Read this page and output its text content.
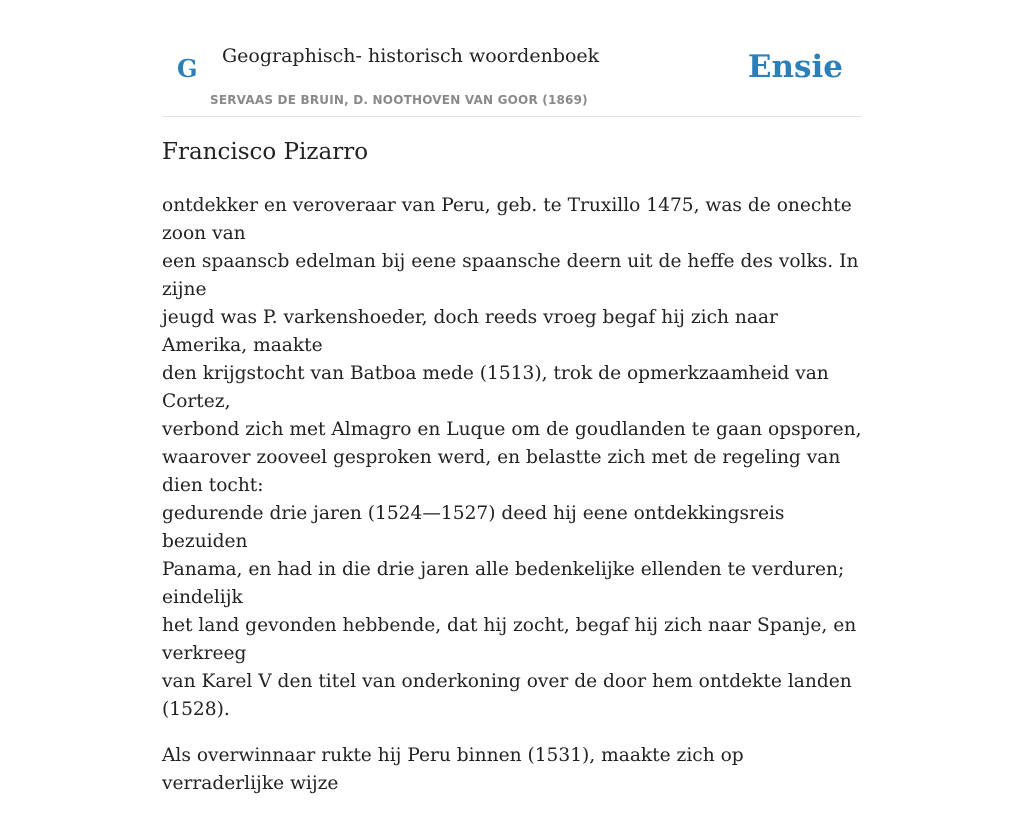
G Geographisch- historisch woordenboek
SERVAAS DE BRUIN, D. NOOTHOVEN VAN GOOR (1869)
Ensie
Francisco Pizarro

ontdekker en veroveraar van Peru, geb. te Truxillo 1475, was de onechte zoon van
een spaanscb edelman bij eene spaansche deern uit de heffe des volks. In zijne
jeugd was P. varkenshoeder, doch reeds vroeg begaf hij zich naar Amerika, maakte
den krijgstocht van Batboa mede (1513), trok de opmerkzaamheid van Cortez,
verbond zich met Almagro en Luque om de goudlanden te gaan opsporen,
waarover zooveel gesproken werd, en belastte zich met de regeling van dien tocht:
gedurende drie jaren (1524—1527) deed hij eene ontdekkingsreis bezuiden
Panama, en had in die drie jaren alle bedenkelijke ellenden te verduren; eindelijk
het land gevonden hebbende, dat hij zocht, begaf hij zich naar Spanje, en verkreeg
van Karel V den titel van onderkoning over de door hem ontdekte landen (1528).

Als overwinnaar rukte hij Peru binnen (1531), maakte zich op verraderlijke wijze
